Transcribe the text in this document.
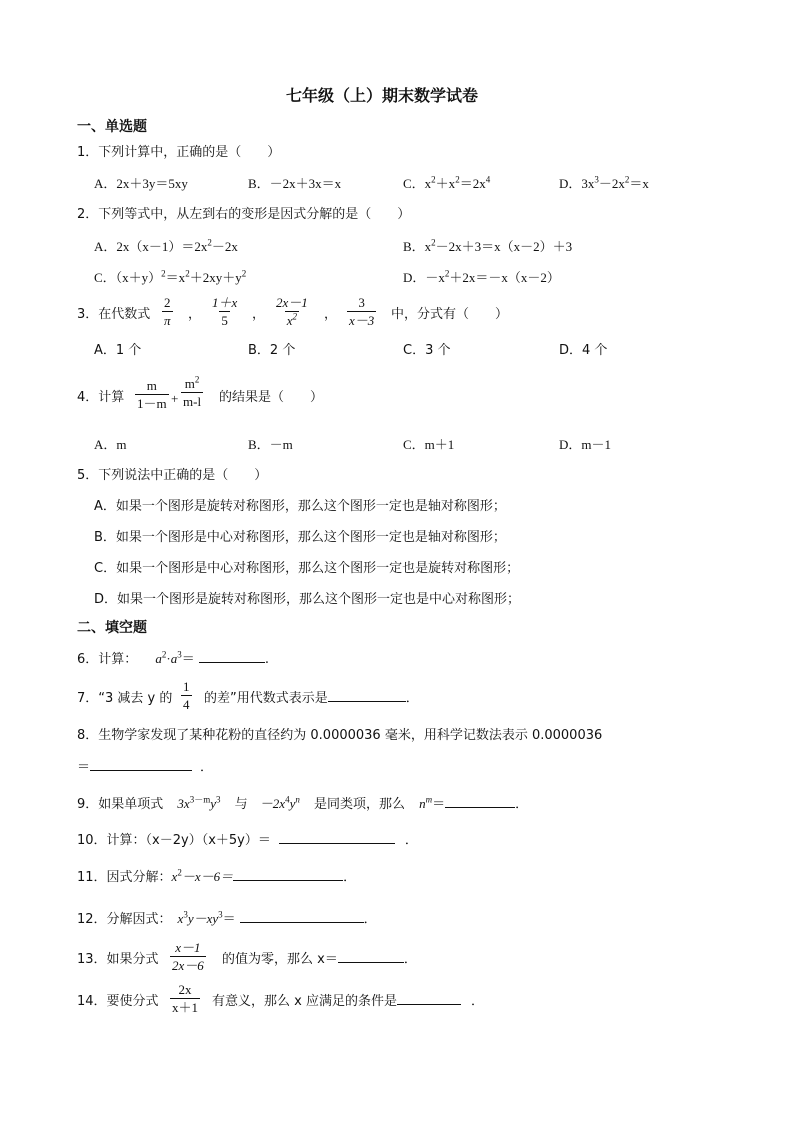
七年级（上）期末数学试卷
一、单选题
1．下列计算中，正确的是（　　）
A．2x＋3y＝5xy	B．－2x＋3x＝x	C．$x^2+x^2=2x^4$	D．$3x^3-2x^2=x$
2．下列等式中，从左到右的变形是因式分解的是（　　）
A．$2x(x-1)=2x^2-2x$	B．$x^2-2x+3=x(x-2)+3$
C．$(x+y)^2=x^2+2xy+y^2$	D．$-x^2+2x=-x(x-2)$
3．在代数式 $\frac{2}{\pi}$ ， $\frac{1+x}{5}$ ， $\frac{2x-1}{x^2}$ ， $\frac{3}{x-3}$ 中，分式有（　　）
A．1 个	B．2 个	C．3 个	D．4 个
4．计算 $\frac{m}{1-m} + \frac{m^2}{m-l}$ 的结果是（　　）
A．m	B．－m	C．m＋1	D．m－1
5．下列说法中正确的是（　　）
A．如果一个图形是旋转对称图形，那么这个图形一定也是轴对称图形；
B．如果一个图形是中心对称图形，那么这个图形一定也是轴对称图形；
C．如果一个图形是中心对称图形，那么这个图形一定也是旋转对称图形；
D．如果一个图形是旋转对称图形，那么这个图形一定也是中心对称图形；
二、填空题
6．计算： $a^2\cdot a^3=$	.
7．“3 减去 y 的 $\frac{1}{4}$ 的差”用代数式表示是	．
8．生物学家发现了某种花粉的直径约为 0.0000036 毫米，用科学记数法表示 0.0000036
＝	．
9．如果单项式 $3x^{3-m}y^3$ 与 $-2x^4y^n$ 是同类项，那么 $n^m=$	．
10．计算：（x－2y）（x＋5y）＝	．
11．因式分解：$x^2-x-6=$	．
12．分解因式： $x^3y-xy^3=$	．
13．如果分式 $\frac{x-1}{2x-6}$ 的值为零，那么 x＝	．
14．要使分式 $\frac{2x}{x+1}$ 有意义，那么 x 应满足的条件是	．
